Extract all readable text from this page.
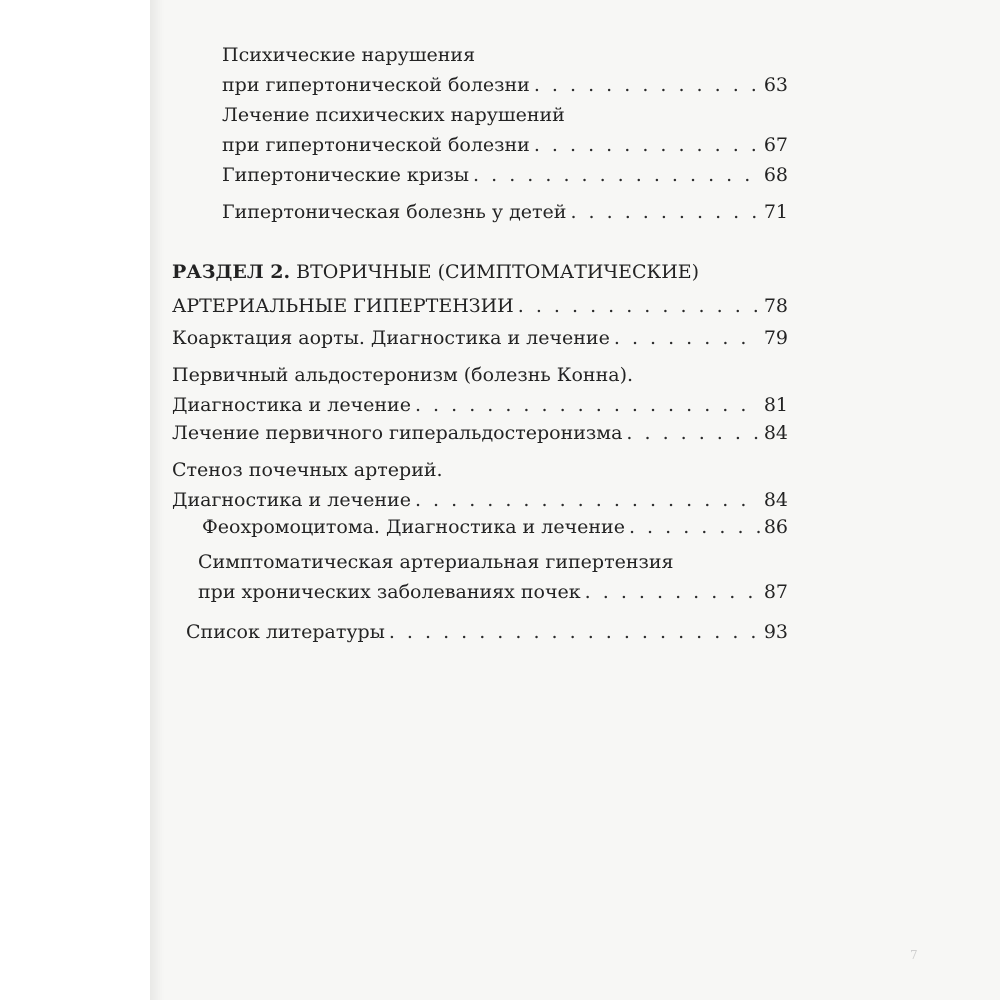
Психические нарушения
при гипертонической болезни . . .	63
Лечение психических нарушений
при гипертонической болезни . . .	67
Гипертонические кризы . . .	68
Гипертоническая болезнь у детей . . .	71
РАЗДЕЛ 2. ВТОРИЧНЫЕ (СИМПТОМАТИЧЕСКИЕ)
АРТЕРИАЛЬНЫЕ ГИПЕРТЕНЗИИ . . .	78
Коарктация аорты. Диагностика и лечение . . .	79
Первичный альдостеронизм (болезнь Конна).
Диагностика и лечение . . .	81
Лечение первичного гиперальдостеронизма . . .	84
Стеноз почечных артерий.
Диагностика и лечение . . .	84
Феохромоцитома. Диагностика и лечение . . .	86
Симптоматическая артериальная гипертензия
при хронических заболеваниях почек . . .	87
Список литературы . . .	93
7
